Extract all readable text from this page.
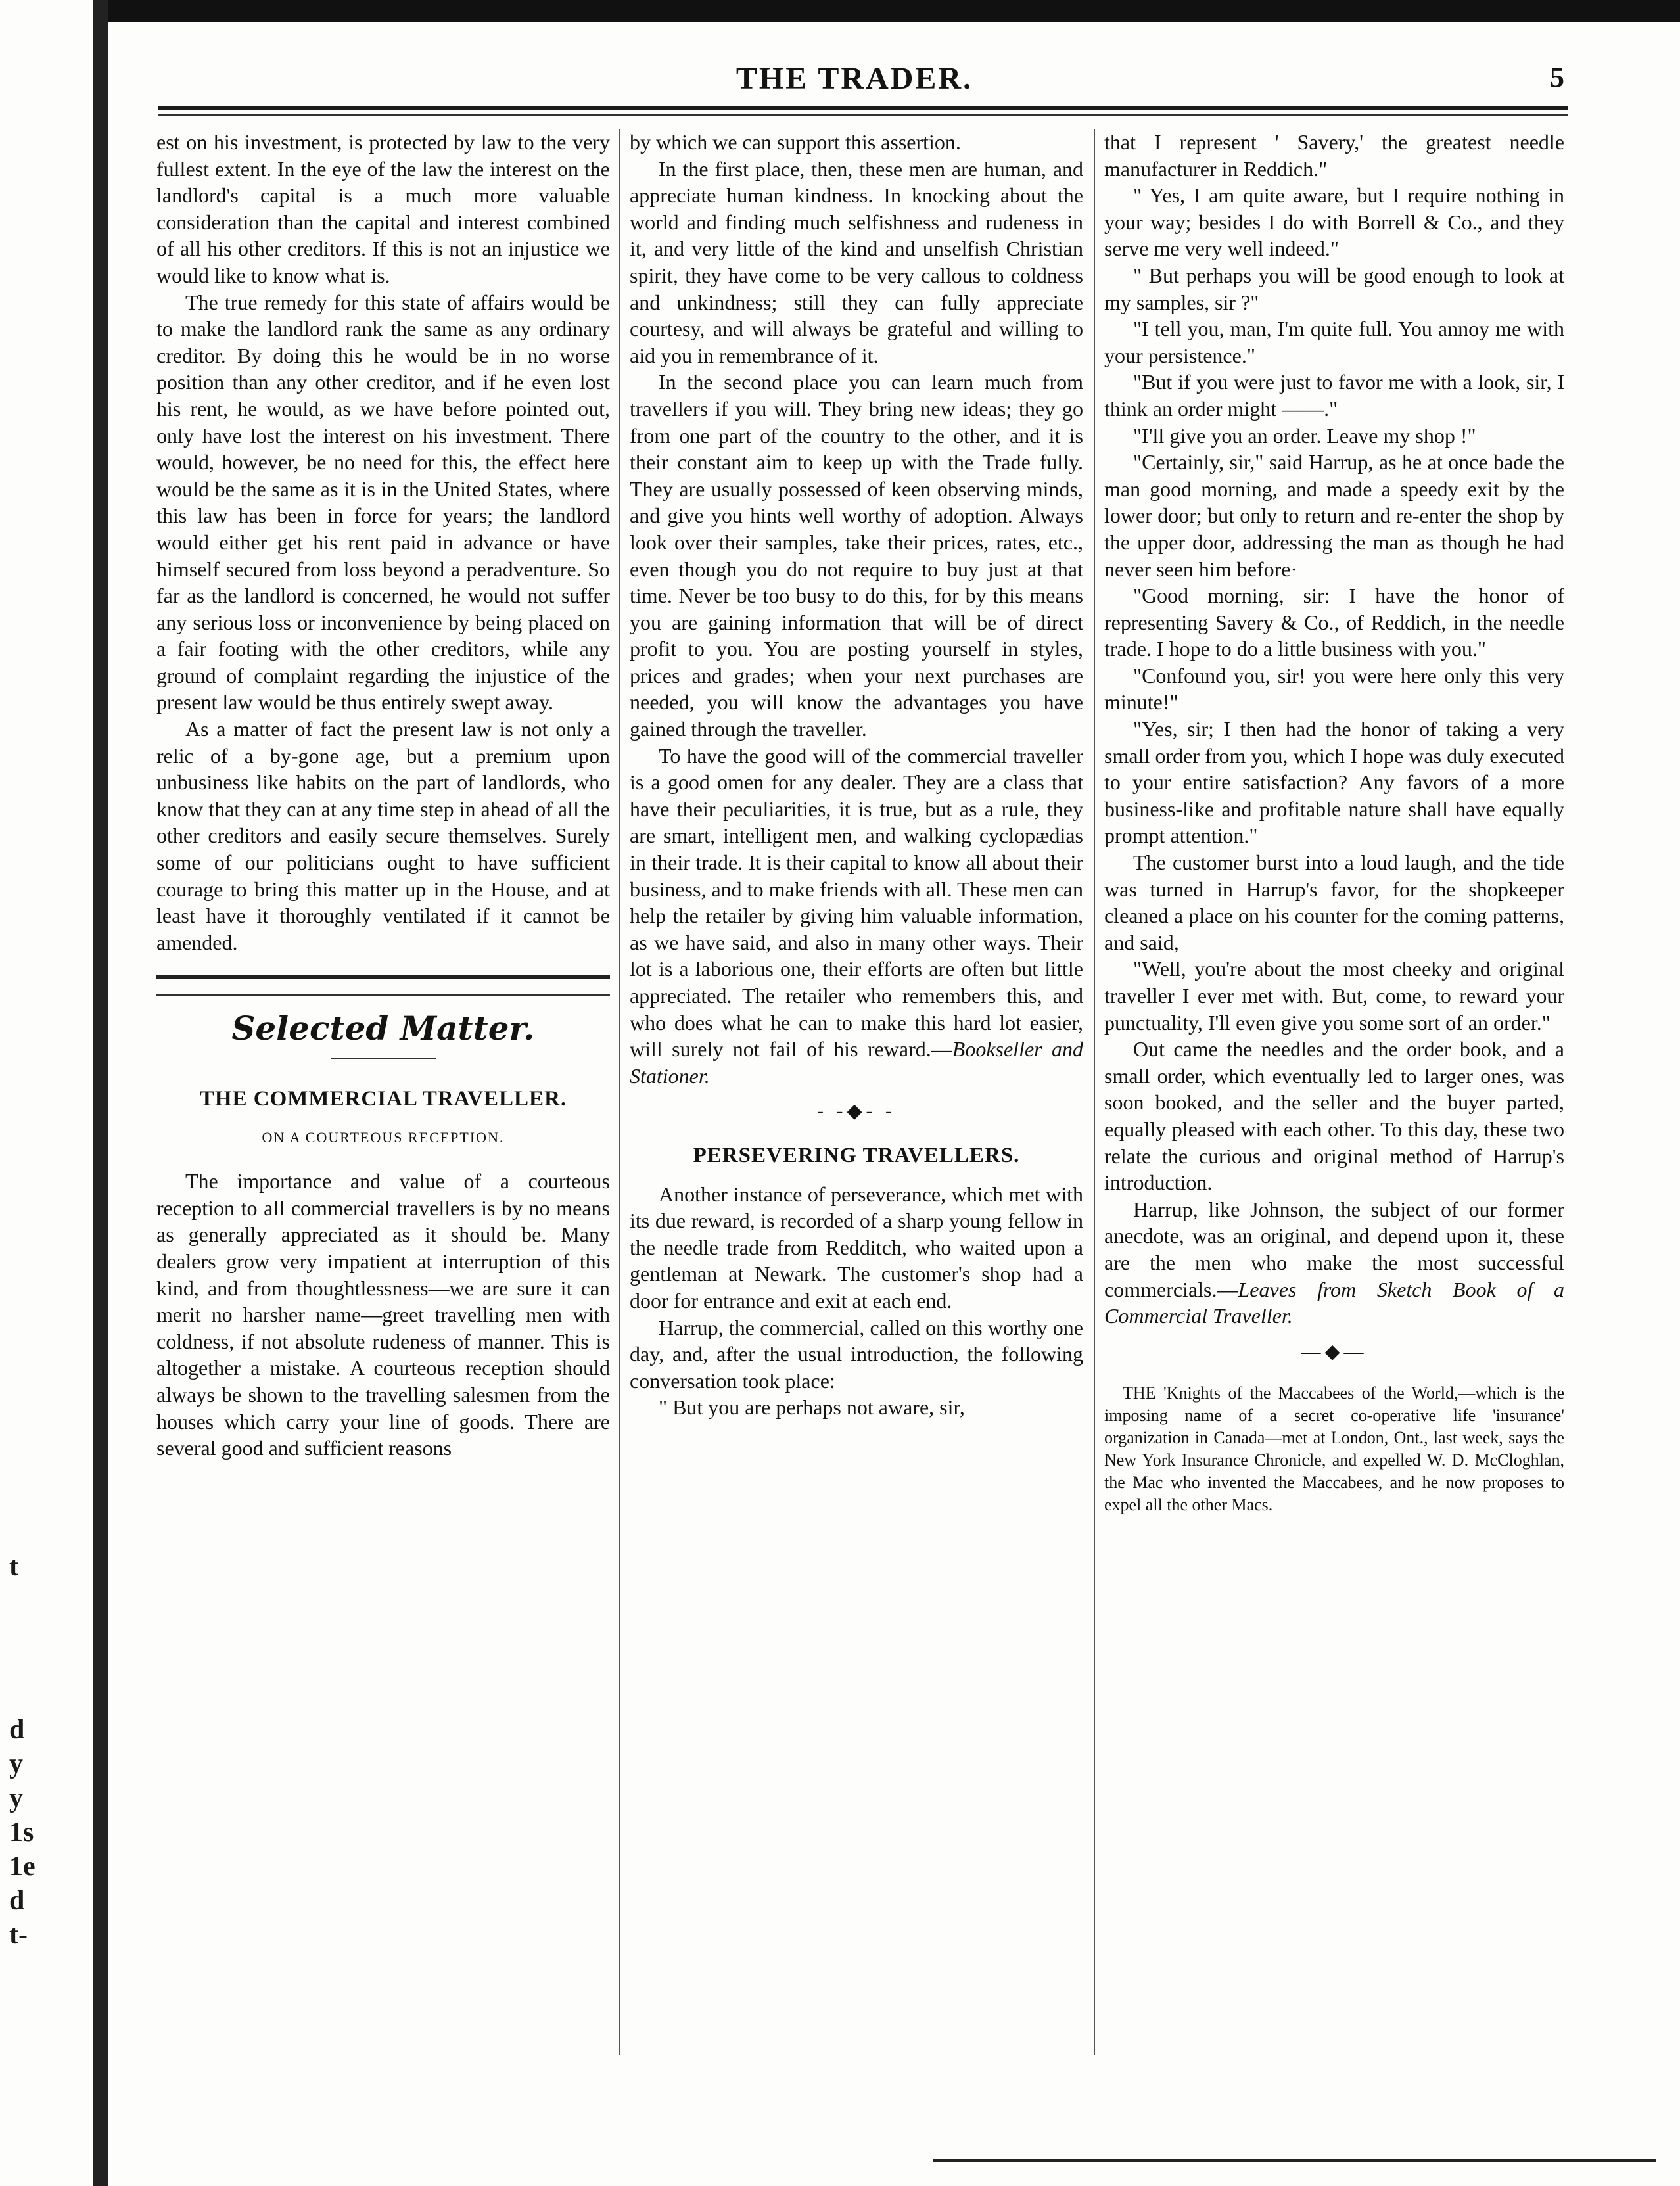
t
d
y
y
1s
1e
d
t-
THE TRADER.	5

est on his investment, is protected by law to the very fullest extent. In the eye of the law the interest on the landlord's capital is a much more valuable consideration than the capital and interest combined of all his other creditors. If this is not an injustice we would like to know what is.

The true remedy for this state of affairs would be to make the landlord rank the same as any ordinary creditor. By doing this he would be in no worse position than any other creditor, and if he even lost his rent, he would, as we have before pointed out, only have lost the interest on his investment. There would, however, be no need for this, the effect here would be the same as it is in the United States, where this law has been in force for years; the landlord would either get his rent paid in advance or have himself secured from loss beyond a peradventure. So far as the landlord is concerned, he would not suffer any serious loss or inconvenience by being placed on a fair footing with the other creditors, while any ground of complaint regarding the injustice of the present law would be thus entirely swept away.

As a matter of fact the present law is not only a relic of a by-gone age, but a premium upon unbusiness like habits on the part of landlords, who know that they can at any time step in ahead of all the other creditors and easily secure themselves. Surely some of our politicians ought to have sufficient courage to bring this matter up in the House, and at least have it thoroughly ventilated if it cannot be amended.

Selected Matter.
THE COMMERCIAL TRAVELLER.
ON A COURTEOUS RECEPTION.

The importance and value of a courteous reception to all commercial travellers is by no means as generally appreciated as it should be. Many dealers grow very impatient at interruption of this kind, and from thoughtlessness—we are sure it can merit no harsher name—greet travelling men with coldness, if not absolute rudeness of manner. This is altogether a mistake. A courteous reception should always be shown to the travelling salesmen from the houses which carry your line of goods. There are several good and sufficient reasons

by which we can support this assertion.

In the first place, then, these men are human, and appreciate human kindness. In knocking about the world and finding much selfishness and rudeness in it, and very little of the kind and unselfish Christian spirit, they have come to be very callous to coldness and unkindness; still they can fully appreciate courtesy, and will always be grateful and willing to aid you in remembrance of it.

In the second place you can learn much from travellers if you will. They bring new ideas; they go from one part of the country to the other, and it is their constant aim to keep up with the Trade fully. They are usually possessed of keen observing minds, and give you hints well worthy of adoption. Always look over their samples, take their prices, rates, etc., even though you do not require to buy just at that time. Never be too busy to do this, for by this means you are gaining information that will be of direct profit to you. You are posting yourself in styles, prices and grades; when your next purchases are needed, you will know the advantages you have gained through the traveller.

To have the good will of the commercial traveller is a good omen for any dealer. They are a class that have their peculiarities, it is true, but as a rule, they are smart, intelligent men, and walking cyclopædias in their trade. It is their capital to know all about their business, and to make friends with all. These men can help the retailer by giving him valuable information, as we have said, and also in many other ways. Their lot is a laborious one, their efforts are often but little appreciated. The retailer who remembers this, and who does what he can to make this hard lot easier, will surely not fail of his reward.—Bookseller and Stationer.

- -◆- -
PERSEVERING TRAVELLERS.

Another instance of perseverance, which met with its due reward, is recorded of a sharp young fellow in the needle trade from Redditch, who waited upon a gentleman at Newark. The customer's shop had a door for entrance and exit at each end.

Harrup, the commercial, called on this worthy one day, and, after the usual introduction, the following conversation took place:

" But you are perhaps not aware, sir,

that I represent ' Savery,' the greatest needle manufacturer in Reddich."

" Yes, I am quite aware, but I require nothing in your way; besides I do with Borrell & Co., and they serve me very well indeed."

" But perhaps you will be good enough to look at my samples, sir ?"

"I tell you, man, I'm quite full. You annoy me with your persistence."

"But if you were just to favor me with a look, sir, I think an order might ——."

"I'll give you an order. Leave my shop !"

"Certainly, sir," said Harrup, as he at once bade the man good morning, and made a speedy exit by the lower door; but only to return and re-enter the shop by the upper door, addressing the man as though he had never seen him before·

"Good morning, sir: I have the honor of representing Savery & Co., of Reddich, in the needle trade. I hope to do a little business with you."

"Confound you, sir! you were here only this very minute!"

"Yes, sir; I then had the honor of taking a very small order from you, which I hope was duly executed to your entire satisfaction? Any favors of a more business-like and profitable nature shall have equally prompt attention."

The customer burst into a loud laugh, and the tide was turned in Harrup's favor, for the shopkeeper cleaned a place on his counter for the coming patterns, and said,

"Well, you're about the most cheeky and original traveller I ever met with. But, come, to reward your punctuality, I'll even give you some sort of an order."

Out came the needles and the order book, and a small order, which eventually led to larger ones, was soon booked, and the seller and the buyer parted, equally pleased with each other. To this day, these two relate the curious and original method of Harrup's introduction.

Harrup, like Johnson, the subject of our former anecdote, was an original, and depend upon it, these are the men who make the most successful commercials.—Leaves from Sketch Book of a Commercial Traveller.

—◆—

THE 'Knights of the Maccabees of the World,—which is the imposing name of a secret co-operative life 'insurance' organization in Canada—met at London, Ont., last week, says the New York Insurance Chronicle, and expelled W. D. McCloghlan, the Mac who invented the Maccabees, and he now proposes to expel all the other Macs.
